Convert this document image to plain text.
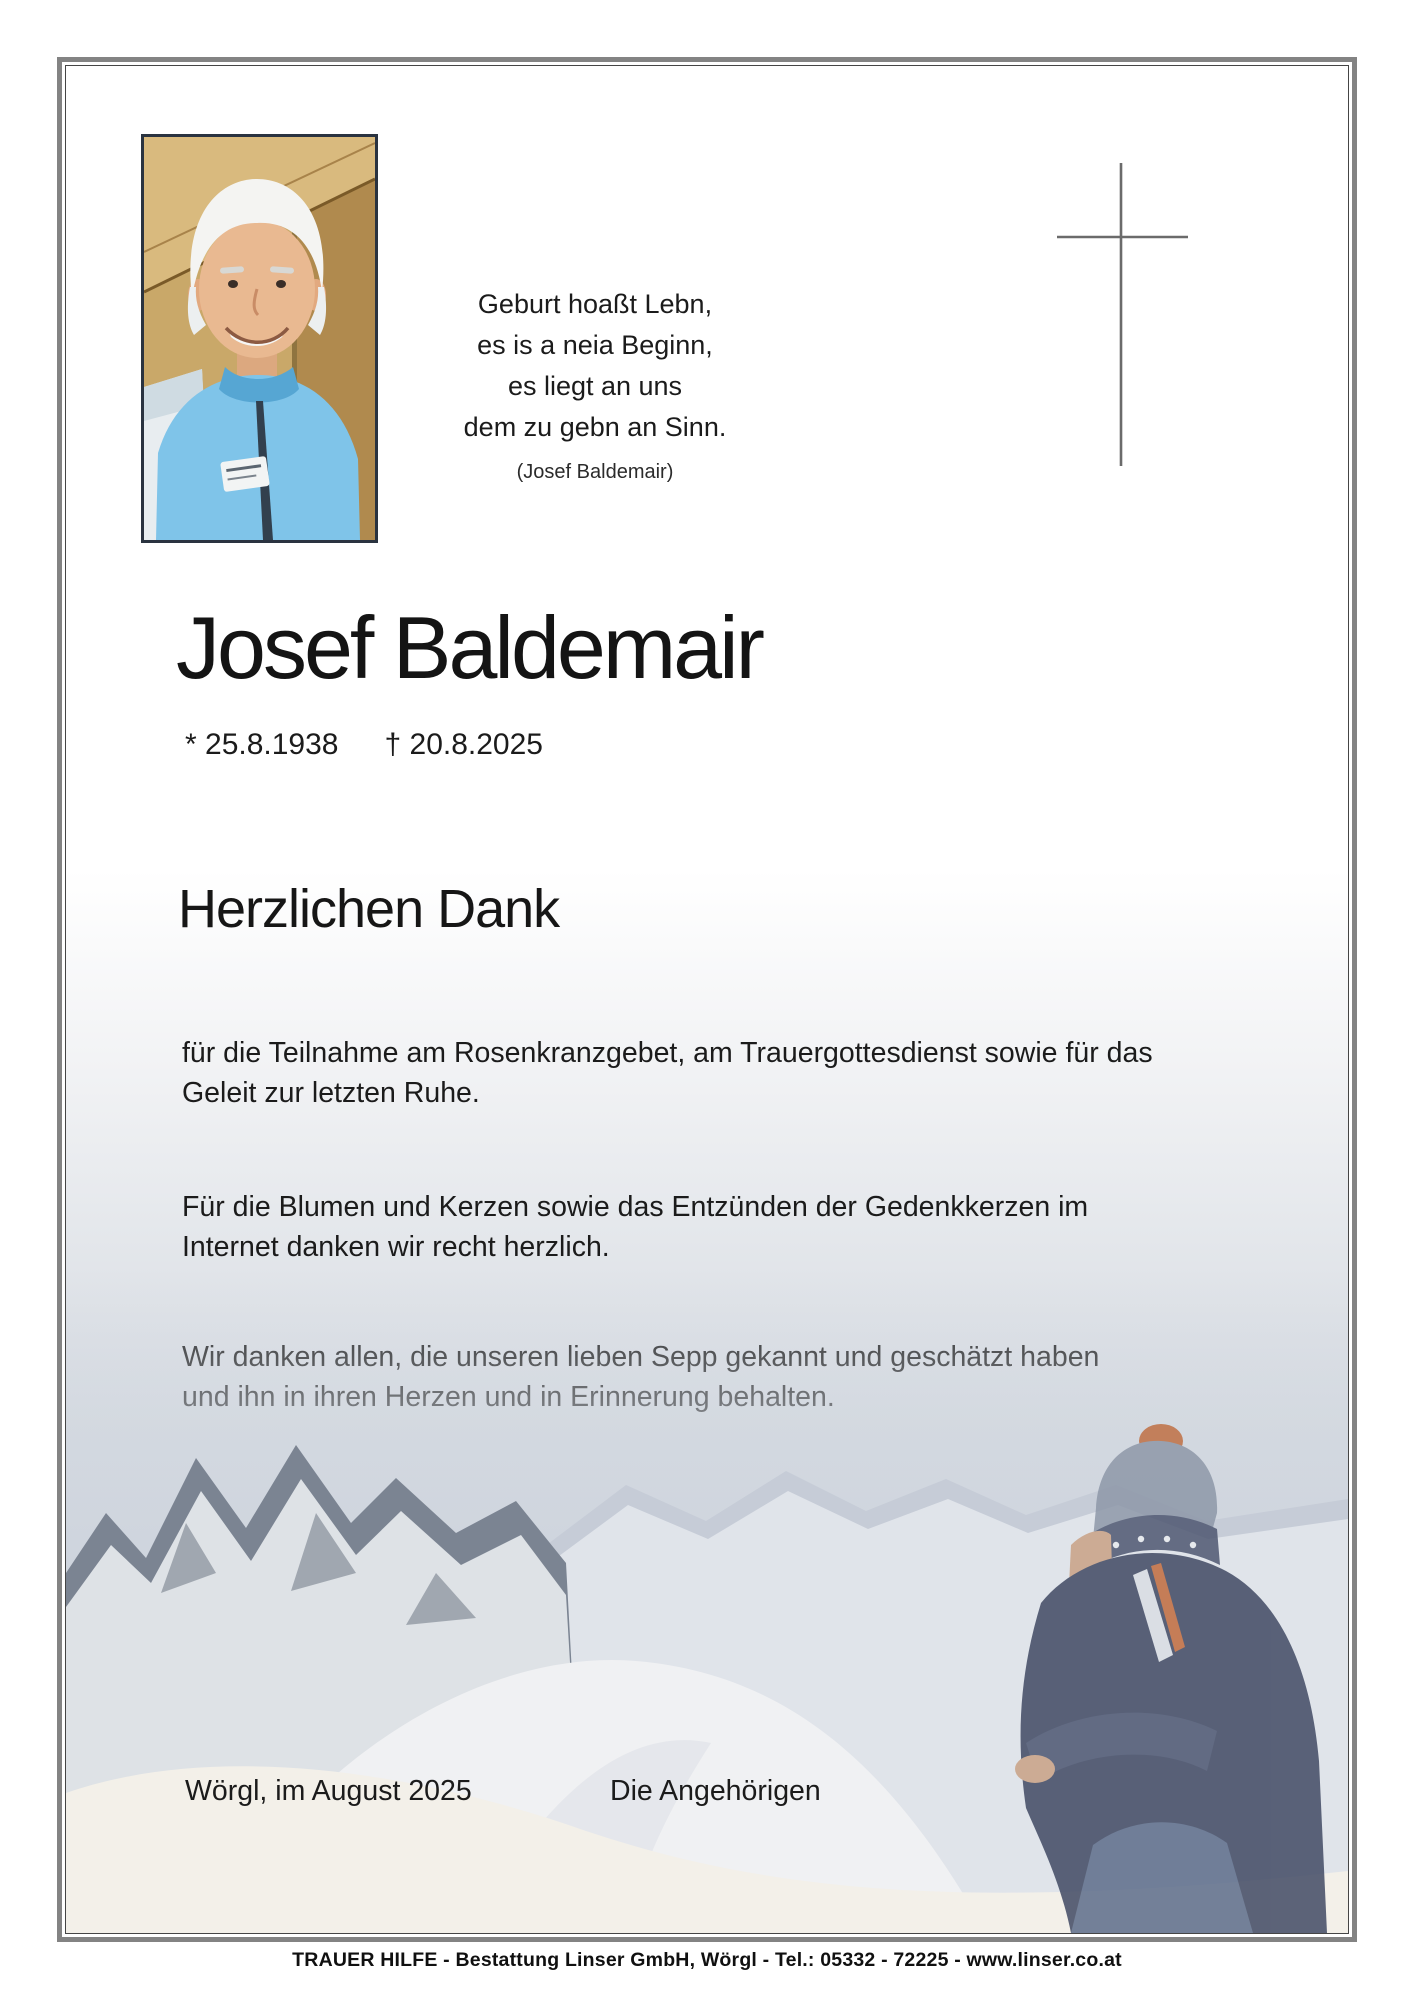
Geburt hoaßt Lebn,
es is a neia Beginn,
es liegt an uns
dem zu gebn an Sinn.
(Josef Baldemair)
Josef Baldemair
* 25.8.1938 † 20.8.2025
Herzlichen Dank
für die Teilnahme am Rosenkranzgebet, am Trauergottesdienst sowie für das
Geleit zur letzten Ruhe.
Für die Blumen und Kerzen sowie das Entzünden der Gedenkkerzen im
Internet danken wir recht herzlich.
Wörgl, im August 2025	Die Angehörigen
TRAUER HILFE - Bestattung Linser GmbH, Wörgl - Tel.: 05332 - 72225 - www.linser.co.at
